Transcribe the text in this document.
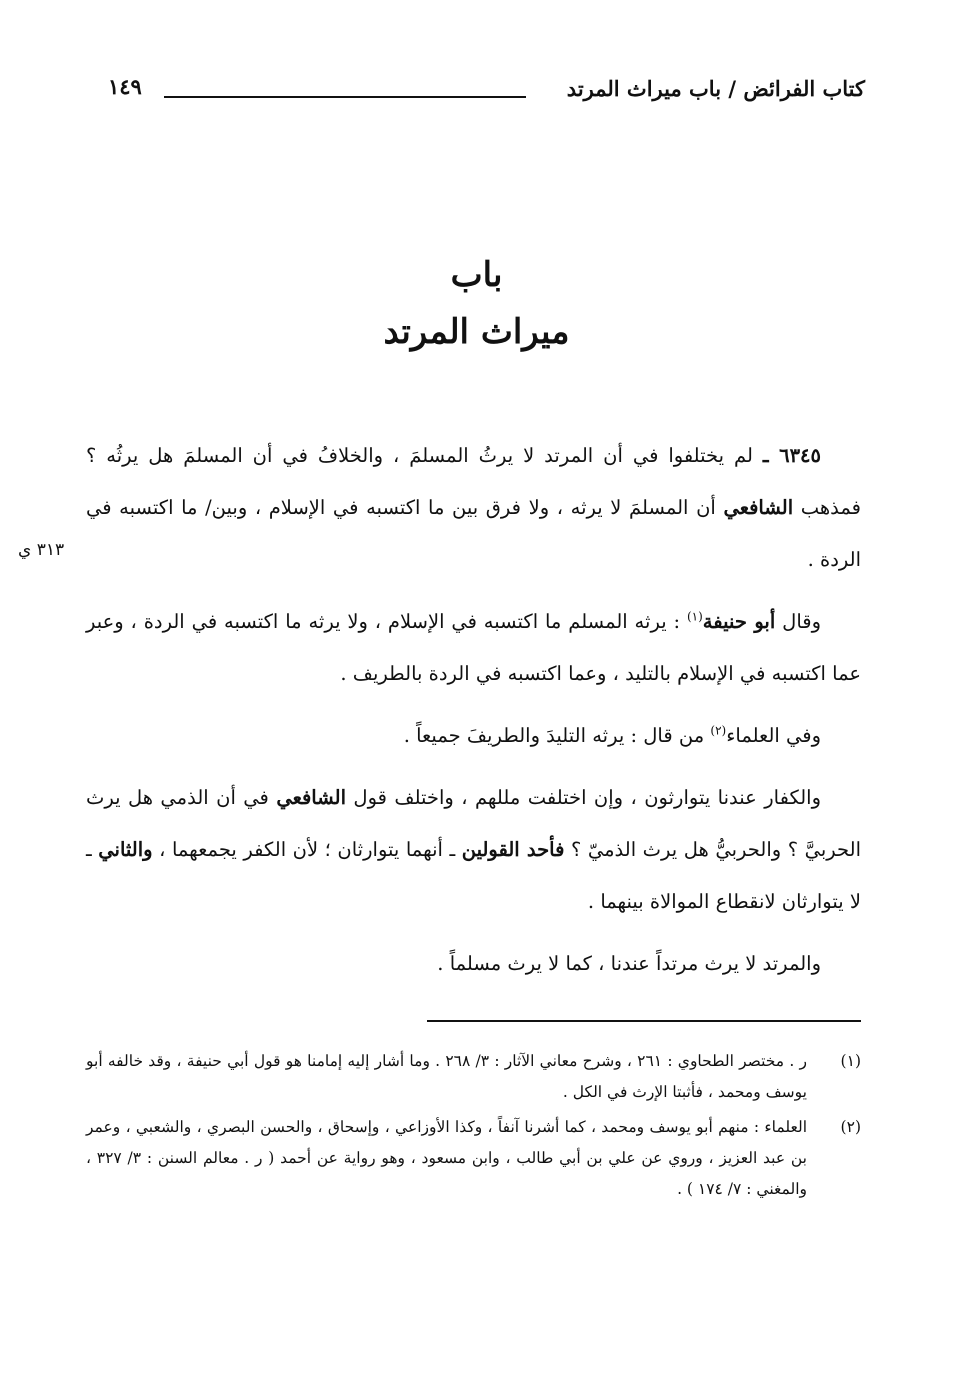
كتاب الفرائض / باب ميراث المرتد
١٤٩
باب
ميراث المرتد
٣١٣ ي

٦٣٤٥ ـ لم يختلفوا في أن المرتد لا يرثُ المسلمَ ، والخلافُ في أن المسلمَ هل يرثُه ؟ فمذهب الشافعي أن المسلمَ لا يرثه ، ولا فرق بين ما اكتسبه في الإسلام ، وبين/ ما اكتسبه في الردة .

وقال أبو حنيفة$^{(١)}$ : يرثه المسلم ما اكتسبه في الإسلام ، ولا يرثه ما اكتسبه في الردة ، وعبر عما اكتسبه في الإسلام بالتليد ، وعما اكتسبه في الردة بالطريف .

وفي العلماء$^{(٢)}$ من قال : يرثه التليدَ والطريفَ جميعاً .

والكفار عندنا يتوارثون ، وإن اختلفت مللهم ، واختلف قول الشافعي في أن الذمي هل يرث الحربيَّ ؟ والحربيُّ هل يرث الذميّ ؟ فأحد القولين ـ أنهما يتوارثان ؛ لأن الكفر يجمعهما ، والثاني ـ لا يتوارثان لانقطاع الموالاة بينهما .

والمرتد لا يرث مرتداً عندنا ، كما لا يرث مسلماً .

(١)
ر . مختصر الطحاوي : ٢٦١ ، وشرح معاني الآثار : ٣/ ٢٦٨ . وما أشار إليه إمامنا هو قول أبي حنيفة ، وقد خالفه أبو يوسف ومحمد ، فأثبتا الإرث في الكل .

(٢)
العلماء : منهم أبو يوسف ومحمد ، كما أشرنا آنفاً ، وكذا الأوزاعي ، وإسحاق ، والحسن البصري ، والشعبي ، وعمر بن عبد العزيز ، وروي عن علي بن أبي طالب ، وابن مسعود ، وهو رواية عن أحمد ( ر . معالم السنن : ٣/ ٣٢٧ ، والمغني : ٧/ ١٧٤ ) .
